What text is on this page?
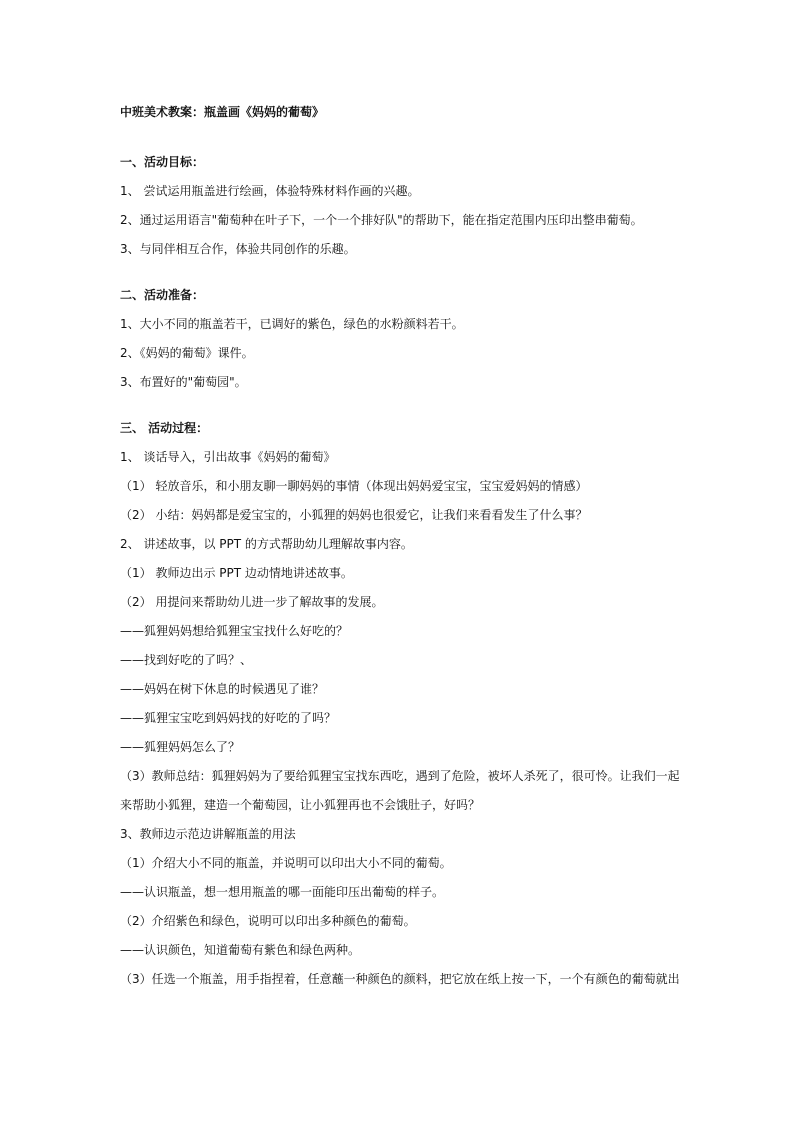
中班美术教案：瓶盖画《妈妈的葡萄》
一、活动目标：
1、 尝试运用瓶盖进行绘画，体验特殊材料作画的兴趣。
2、通过运用语言"葡萄种在叶子下，一个一个排好队"的帮助下，能在指定范围内压印出整串葡萄。
3、与同伴相互合作，体验共同创作的乐趣。
二、活动准备：
1、大小不同的瓶盖若干，已调好的紫色，绿色的水粉颜料若干。
2、《妈妈的葡萄》课件。
3、布置好的"葡萄园"。
三、 活动过程：
1、 谈话导入，引出故事《妈妈的葡萄》
（1） 轻放音乐，和小朋友聊一聊妈妈的事情（体现出妈妈爱宝宝，宝宝爱妈妈的情感）
（2） 小结：妈妈都是爱宝宝的，小狐狸的妈妈也很爱它，让我们来看看发生了什么事？
2、 讲述故事，以 PPT 的方式帮助幼儿理解故事内容。
（1） 教师边出示 PPT 边动情地讲述故事。
（2） 用提问来帮助幼儿进一步了解故事的发展。
——狐狸妈妈想给狐狸宝宝找什么好吃的？
——找到好吃的了吗？、
——妈妈在树下休息的时候遇见了谁？
——狐狸宝宝吃到妈妈找的好吃的了吗？
——狐狸妈妈怎么了？
（3）教师总结：狐狸妈妈为了要给狐狸宝宝找东西吃，遇到了危险，被坏人杀死了，很可怜。让我们一起
来帮助小狐狸，建造一个葡萄园，让小狐狸再也不会饿肚子，好吗？
3、教师边示范边讲解瓶盖的用法
（1）介绍大小不同的瓶盖，并说明可以印出大小不同的葡萄。
——认识瓶盖，想一想用瓶盖的哪一面能印压出葡萄的样子。
（2）介绍紫色和绿色，说明可以印出多种颜色的葡萄。
——认识颜色，知道葡萄有紫色和绿色两种。
（3）任选一个瓶盖，用手指捏着，任意蘸一种颜色的颜料，把它放在纸上按一下，一个有颜色的葡萄就出
